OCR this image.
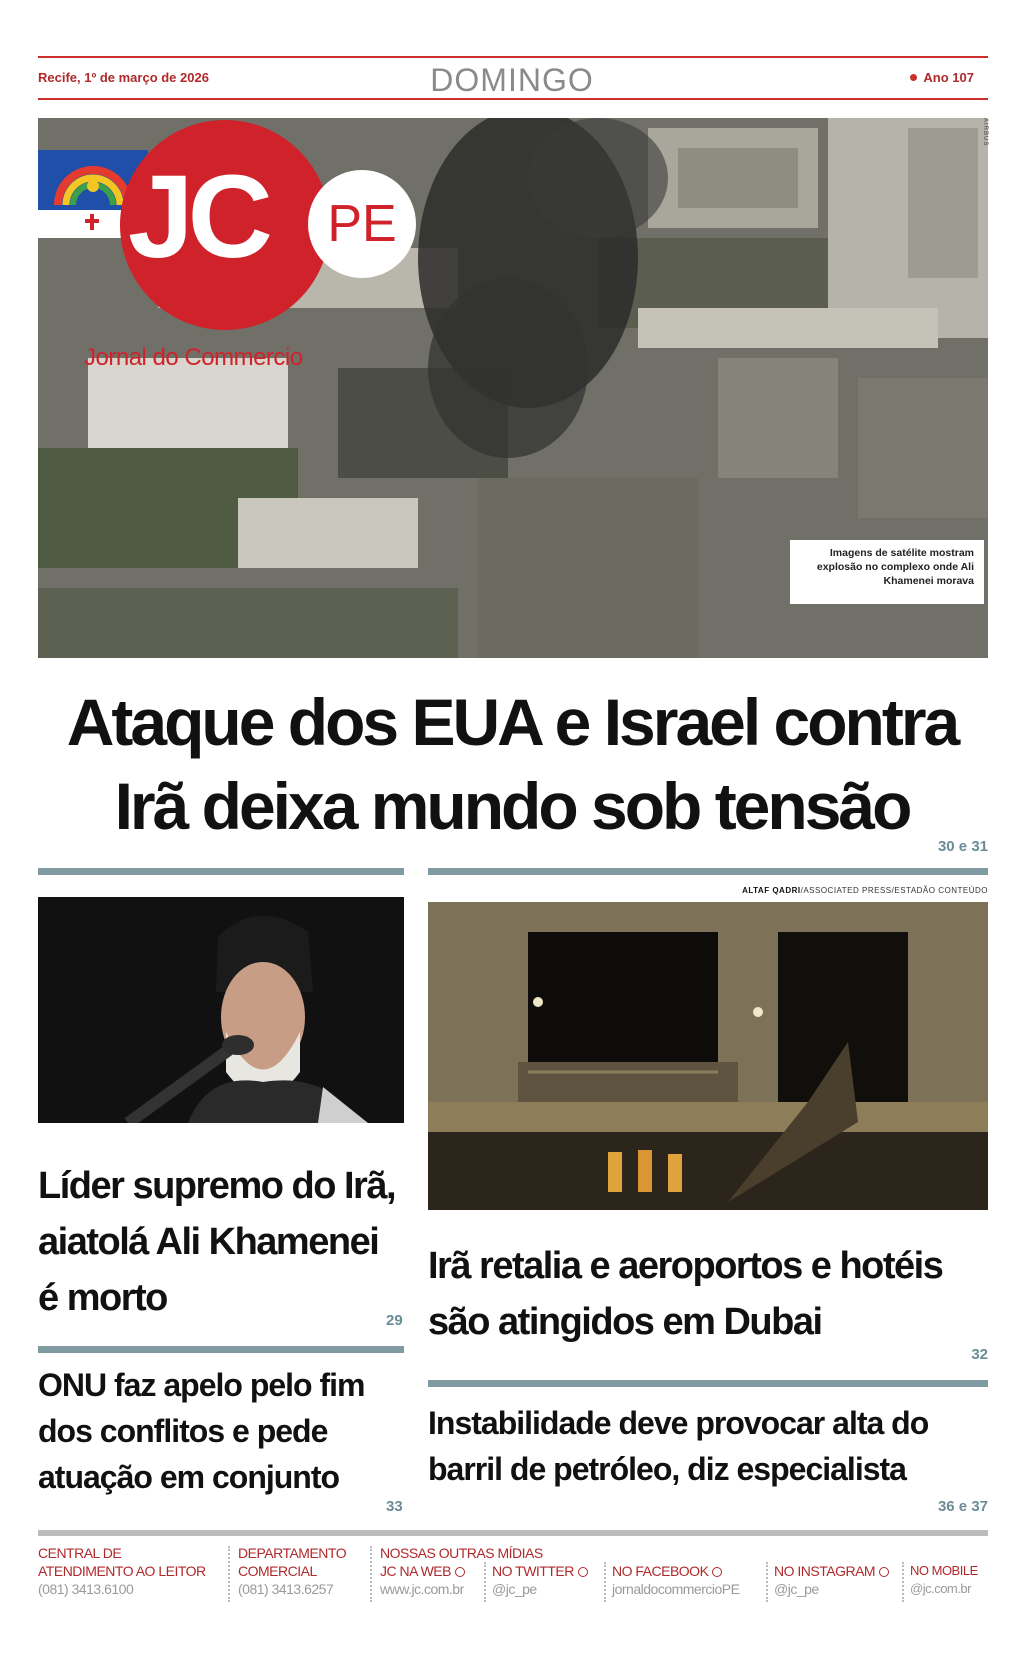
Recife, 1º de março de 2026	DOMINGO	Ano 107
AIRBUS
JC	PE
Jornal do Commercio
Imagens de satélite mostram explosão no complexo onde Ali Khamenei morava
Ataque dos EUA e Israel contra
Irã deixa mundo sob tensão
30 e 31
ALTAF QADRI/ASSOCIATED PRESS/ESTADÃO CONTEÚDO
Líder supremo do Irã, aiatolá Ali Khamenei é morto
29
Irã retalia e aeroportos e hotéis são atingidos em Dubai
32
ONU faz apelo pelo fim dos conflitos e pede atuação em conjunto
33
Instabilidade deve provocar alta do barril de petróleo, diz especialista
36 e 37
CENTRAL DE
ATENDIMENTO AO LEITOR
(081) 3413.6100
DEPARTAMENTO
COMERCIAL
(081) 3413.6257
NOSSAS OUTRAS MÍDIAS
JC NA WEB
www.jc.com.br
NO TWITTER
@jc_pe
NO FACEBOOK
jornaldocommercioPE
NO INSTAGRAM
@jc_pe
NO MOBILE
@jc.com.br
